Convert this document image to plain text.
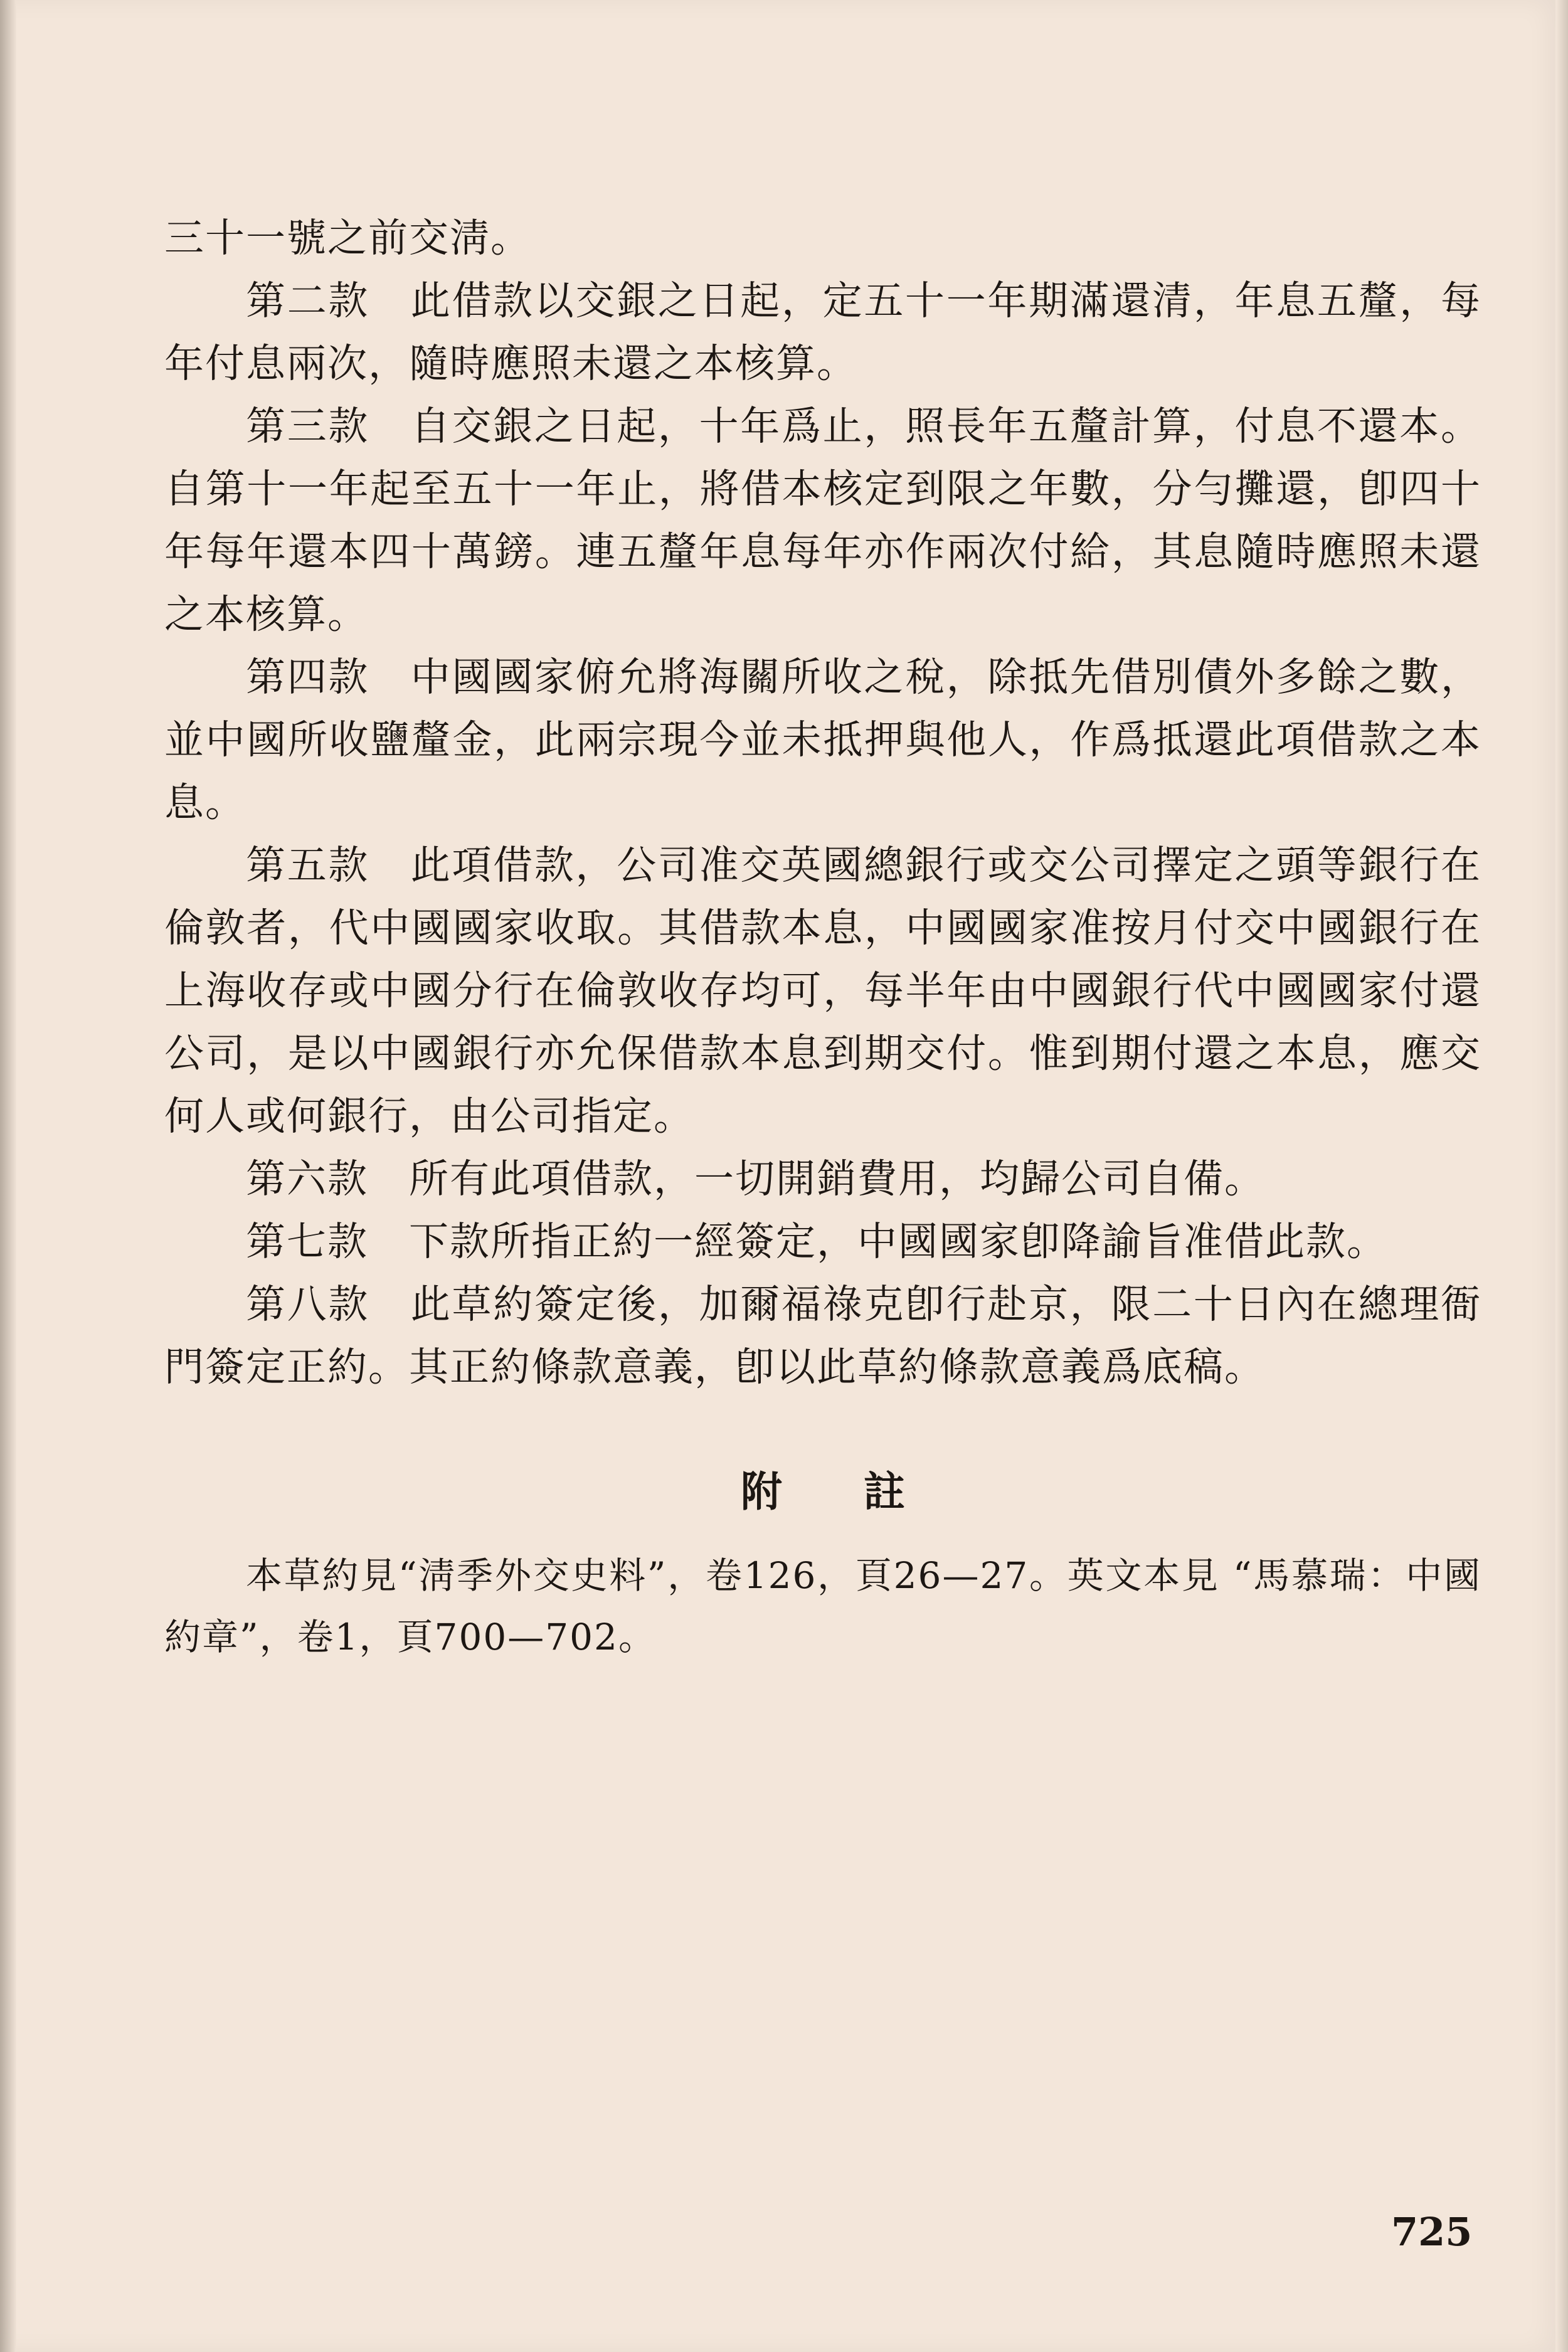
三十一號之前交淸。

第二款　此借款以交銀之日起，定五十一年期滿還清，年息五釐，每年付息兩次，隨時應照未還之本核算。

第三款　自交銀之日起，十年爲止，照長年五釐計算，付息不還本。自第十一年起至五十一年止，將借本核定到限之年數，分勻攤還，卽四十年每年還本四十萬鎊。連五釐年息每年亦作兩次付給，其息隨時應照未還之本核算。

第四款　中國國家俯允將海關所收之稅，除抵先借別債外多餘之數，並中國所收鹽釐金，此兩宗現今並未抵押與他人，作爲抵還此項借款之本息。

第五款　此項借款，公司准交英國總銀行或交公司擇定之頭等銀行在倫敦者，代中國國家收取。其借款本息，中國國家准按月付交中國銀行在上海收存或中國分行在倫敦收存均可，每半年由中國銀行代中國國家付還公司，是以中國銀行亦允保借款本息到期交付。惟到期付還之本息，應交何人或何銀行，由公司指定。

第六款　所有此項借款，一切開銷費用，均歸公司自備。

第七款　下款所指正約一經簽定，中國國家卽降諭旨准借此款。

第八款　此草約簽定後，加爾福祿克卽行赴京，限二十日內在總理衙門簽定正約。其正約條款意義，卽以此草約條款意義爲底稿。

附註

本草約見“淸季外交史料”，卷126，頁26—27。英文本見 “馬慕瑞：中國約章”，卷1，頁700—702。

725
